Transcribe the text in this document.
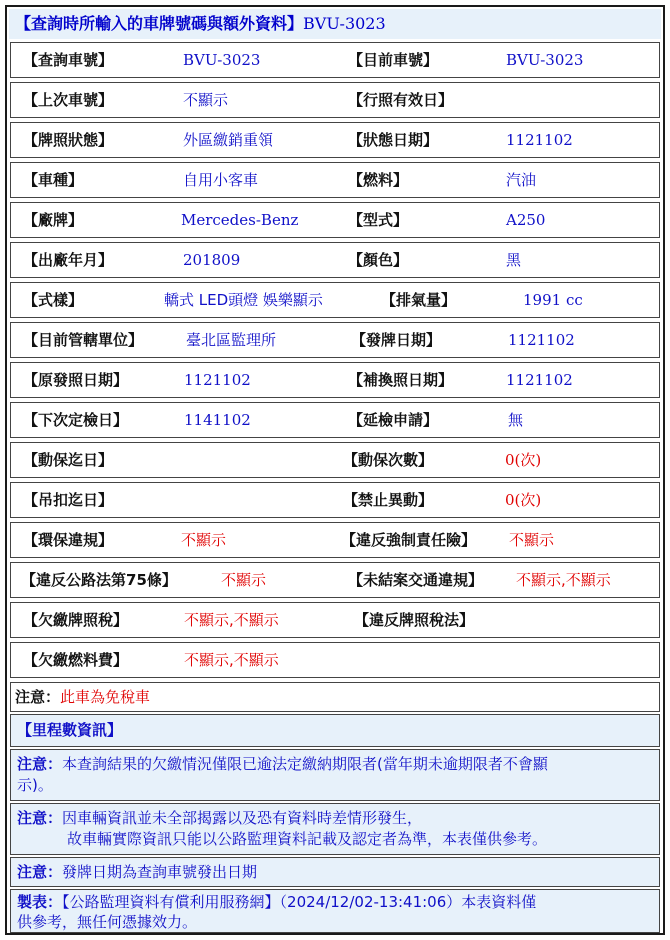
【查詢時所輸入的車牌號碼與額外資料】BVU-3023
【查詢車號】	BVU-3023	【目前車號】	BVU-3023
【上次車號】	不顯示	【行照有效日】
【牌照狀態】	外區繳銷重領	【狀態日期】	1121102
【車種】	自用小客車	【燃料】	汽油
【廠牌】	Mercedes-Benz	【型式】	A250
【出廠年月】	201809	【顏色】	黑
【式樣】	轎式 LED頭燈 娛樂顯示	【排氣量】	1991 cc
【目前管轄單位】	臺北區監理所	【發牌日期】	1121102
【原發照日期】	1121102	【補換照日期】	1121102
【下次定檢日】	1141102	【延檢申請】	無
【動保迄日】	【動保次數】	0(次)
【吊扣迄日】	【禁止異動】	0(次)
【環保違規】	不顯示	【違反強制責任險】 不顯示
【違反公路法第75條】	不顯示	【未結案交通違規】 不顯示,不顯示
【欠繳牌照稅】	不顯示,不顯示	【違反牌照稅法】
【欠繳燃料費】	不顯示,不顯示
注意：此車為免稅車
【里程數資訊】
注意：本查詢結果的欠繳情況僅限已逾法定繳納期限者(當年期未逾期限者不會顯
示)。
注意：因車輛資訊並未全部揭露以及恐有資料時差情形發生，
故車輛實際資訊只能以公路監理資料記載及認定者為準，本表僅供參考。
注意：發牌日期為查詢車號發出日期
製表：【公路監理資料有償利用服務網】（2024/12/02-13:41:06）本表資料僅
供參考，無任何憑據效力。
